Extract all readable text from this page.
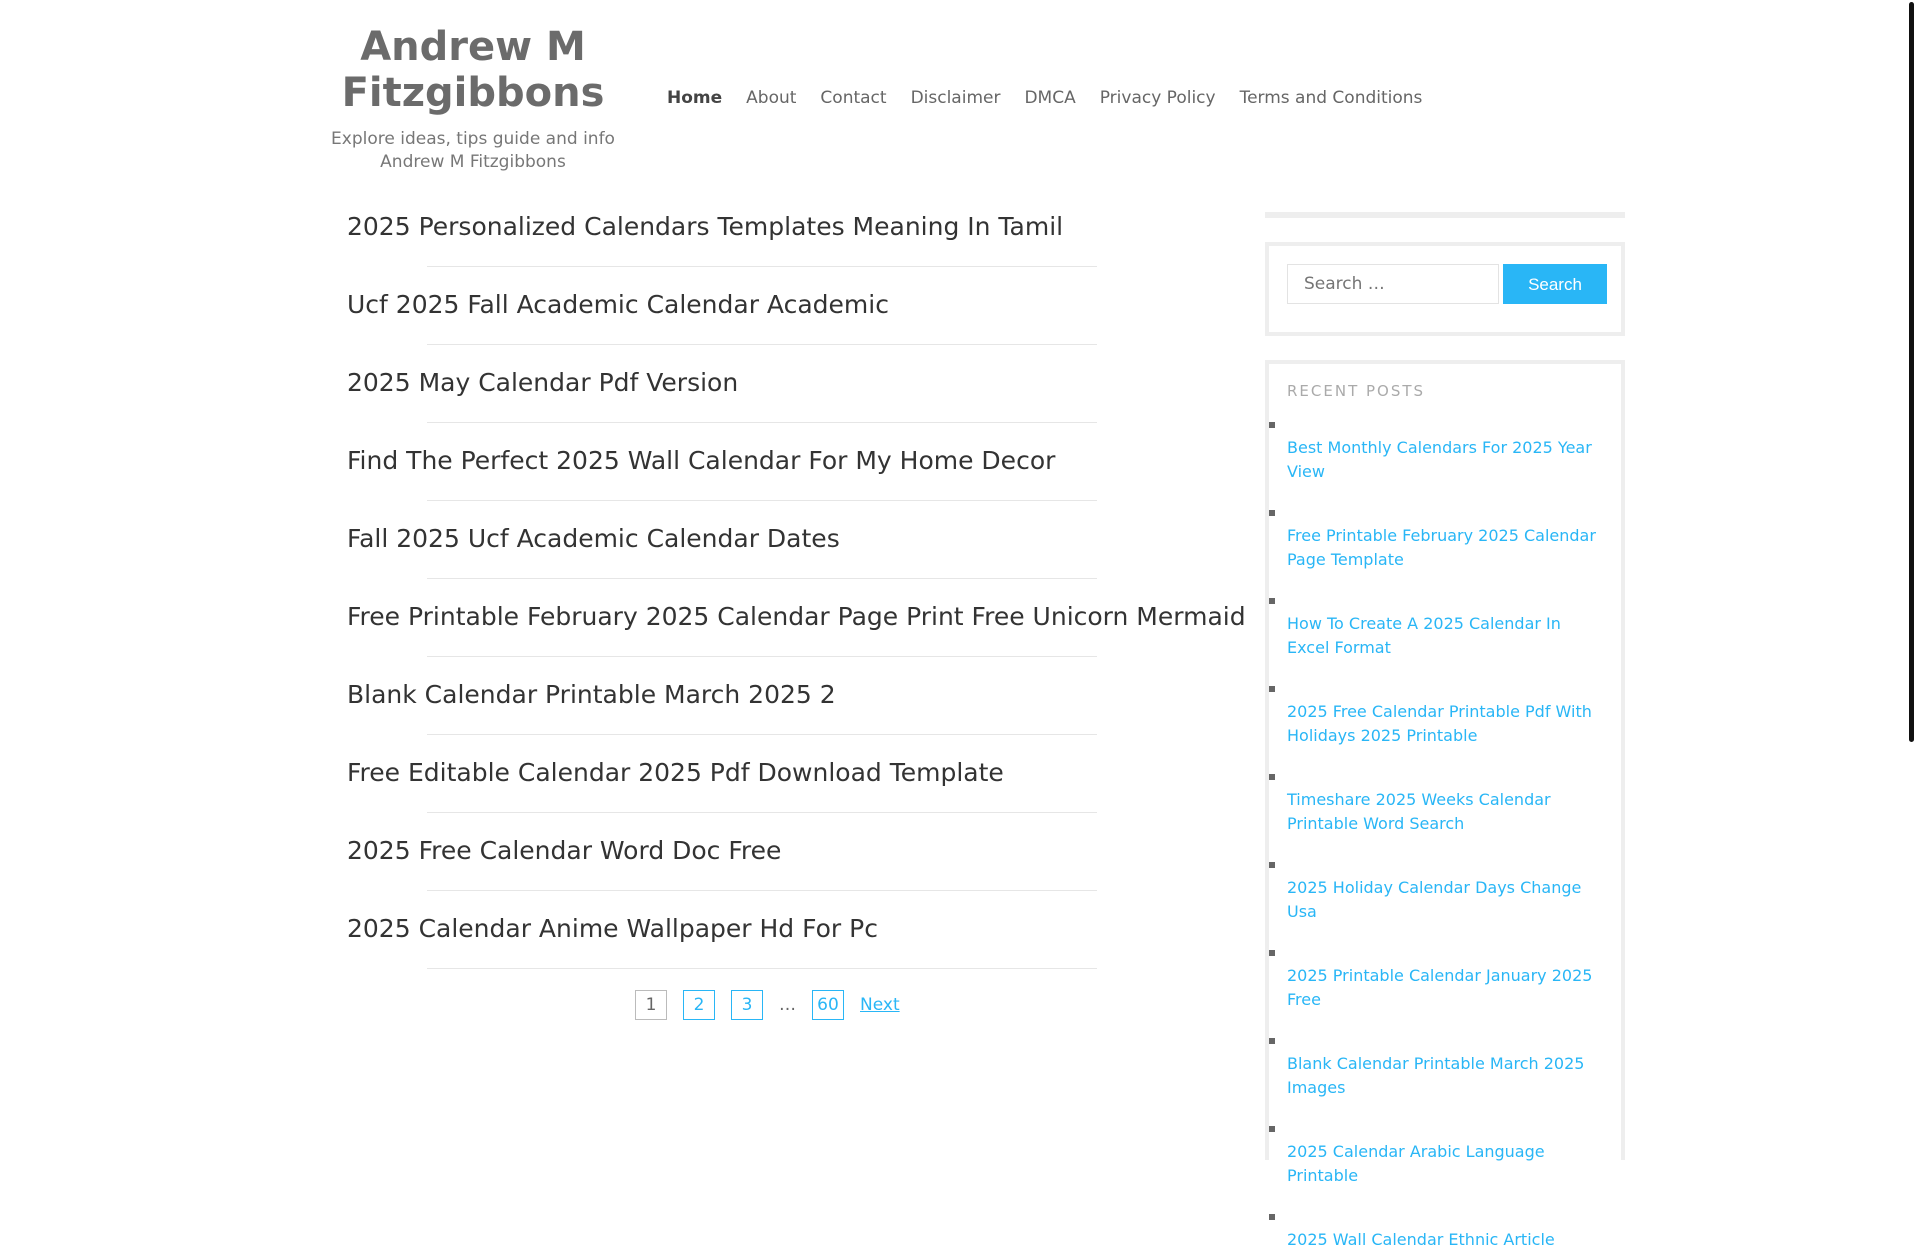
Andrew M Fitzgibbons
Explore ideas, tips guide and info Andrew M Fitzgibbons
Home About Contact Disclaimer DMCA Privacy Policy Terms and Conditions
2025 Personalized Calendars Templates Meaning In Tamil
Ucf 2025 Fall Academic Calendar Academic
2025 May Calendar Pdf Version
Find The Perfect 2025 Wall Calendar For My Home Decor
Fall 2025 Ucf Academic Calendar Dates
Free Printable February 2025 Calendar Page Print Free Unicorn Mermaid
Blank Calendar Printable March 2025 2
Free Editable Calendar 2025 Pdf Download Template
2025 Free Calendar Word Doc Free
2025 Calendar Anime Wallpaper Hd For Pc
1	2	3	…	60	Next
Search …
Search
RECENT POSTS
Best Monthly Calendars For 2025 Year View
Free Printable February 2025 Calendar Page Template
How To Create A 2025 Calendar In Excel Format
2025 Free Calendar Printable Pdf With Holidays 2025 Printable
Timeshare 2025 Weeks Calendar Printable Word Search
2025 Holiday Calendar Days Change Usa
2025 Printable Calendar January 2025 Free
Blank Calendar Printable March 2025 Images
2025 Calendar Arabic Language Printable
2025 Wall Calendar Ethnic Article
